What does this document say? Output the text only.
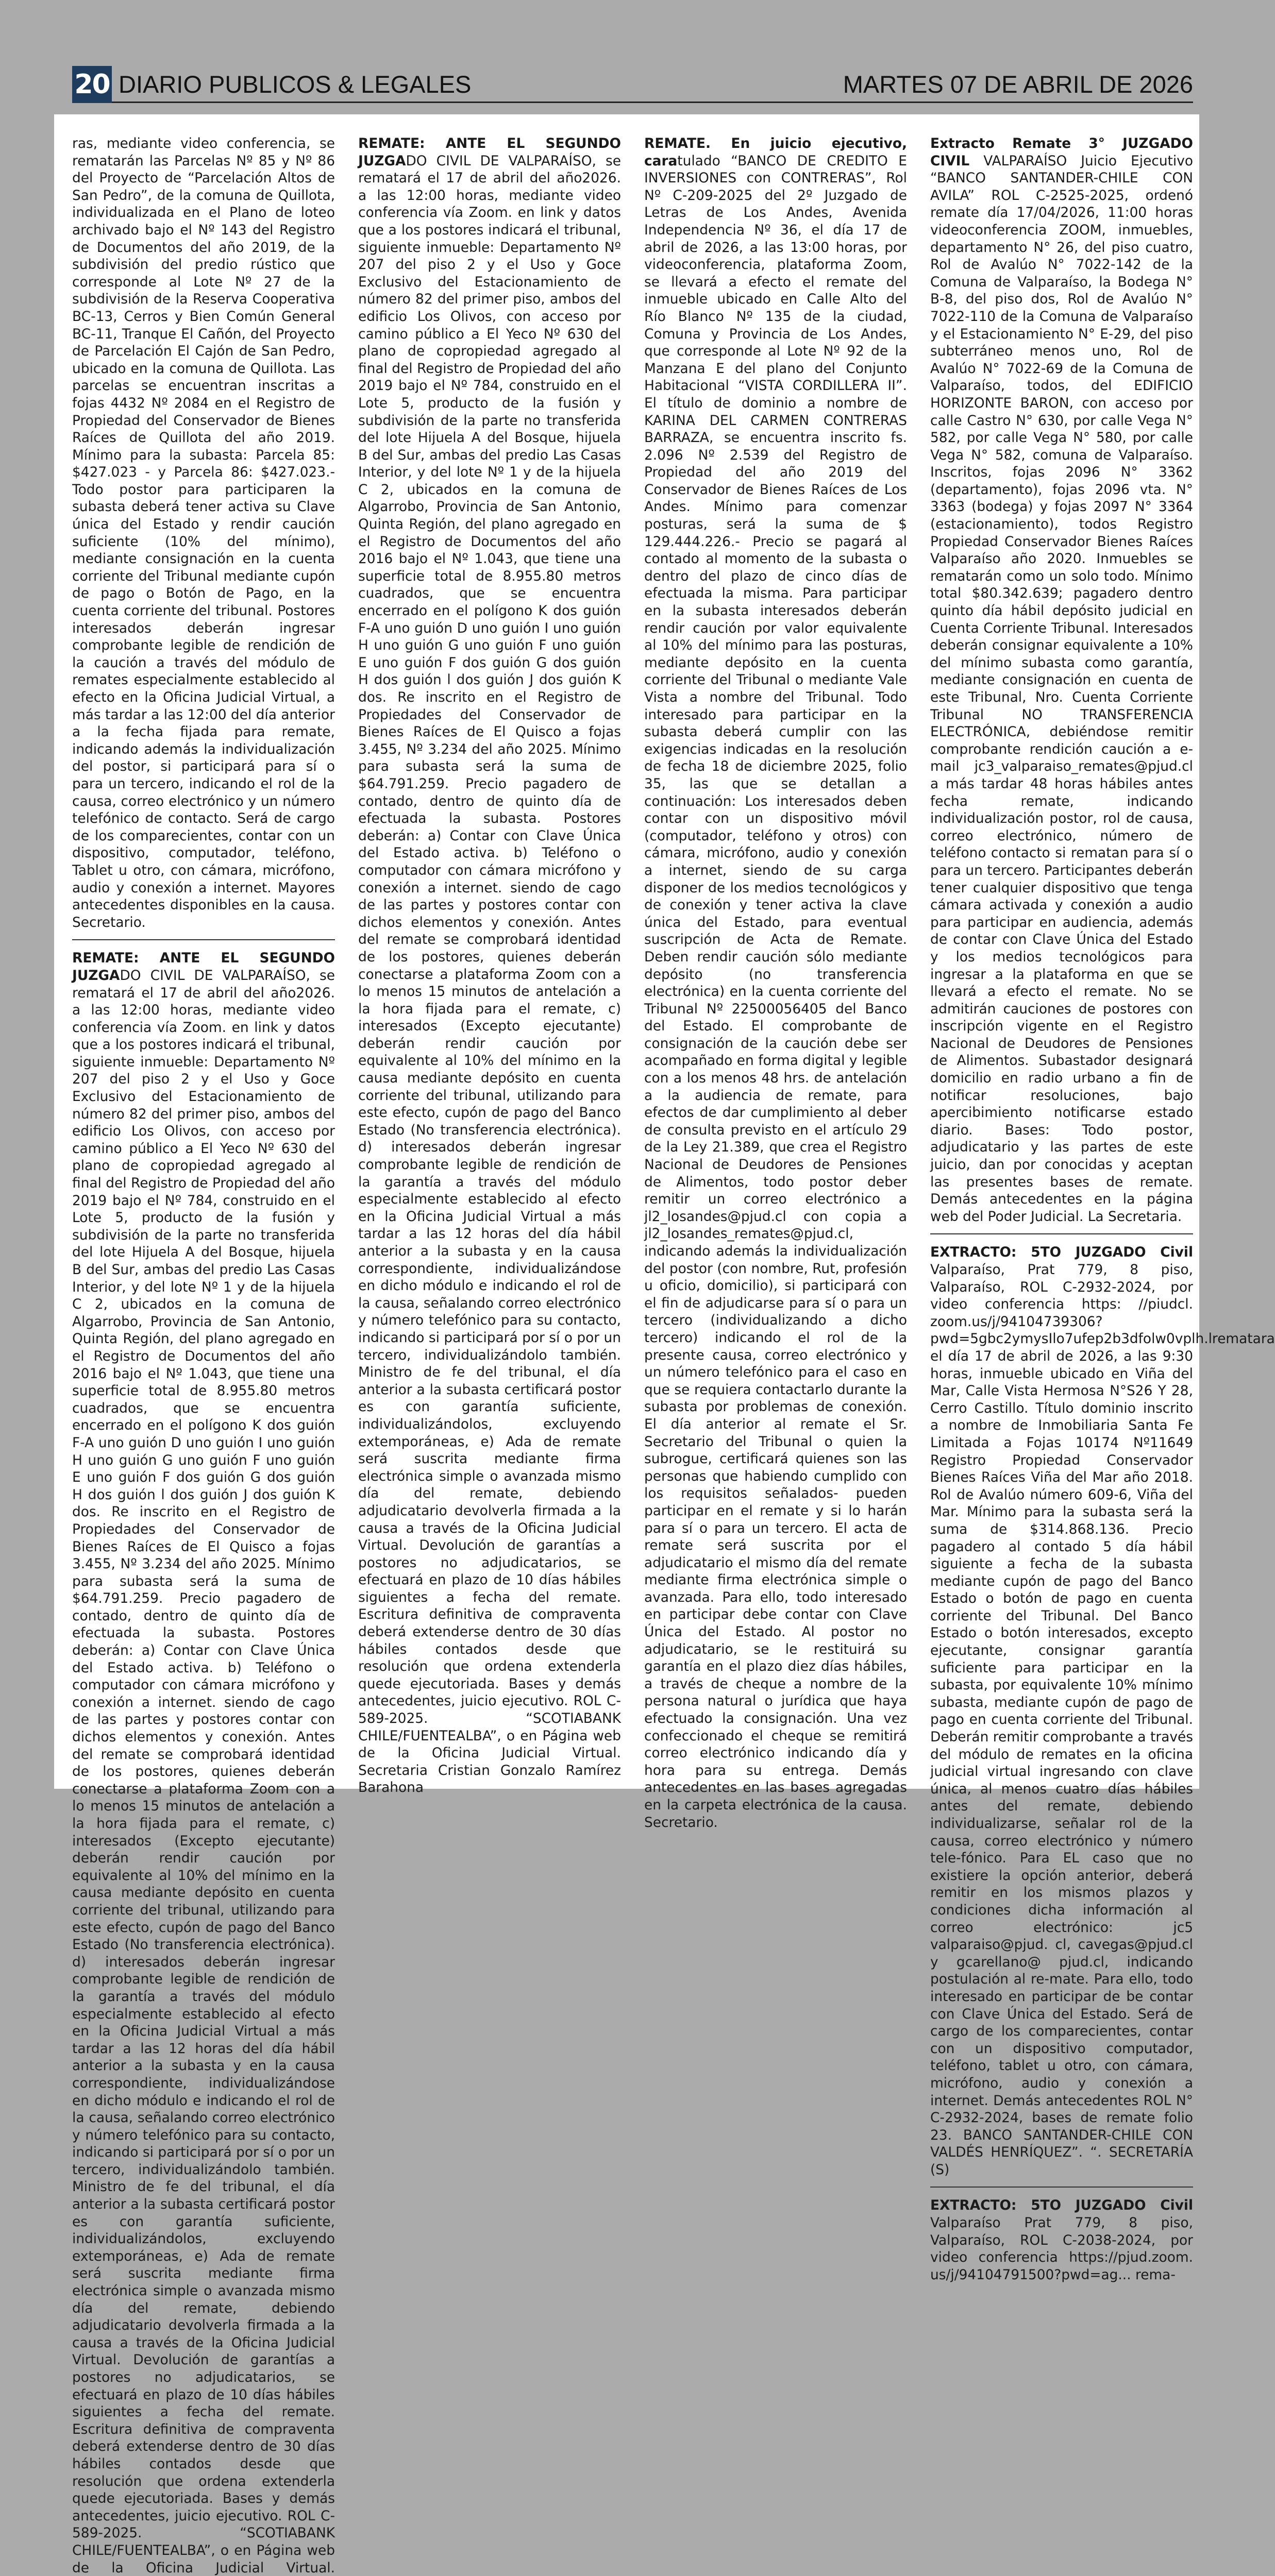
20 DIARIO PUBLICOS & LEGALES	MARTES 07 DE ABRIL DE 2026

ras, mediante video conferencia, se rematarán las Parcelas Nº 85 y Nº 86 del Proyecto de “Parcelación Altos de San Pedro”, de la comuna de Quillota, individualizada en el Plano de loteo archivado bajo el Nº 143 del Registro de Documentos del año 2019, de la subdivisión del predio rústico que corresponde al Lote Nº 27 de la subdivisión de la Reserva Cooperativa BC-13, Cerros y Bien Común General BC-11, Tranque El Cañón, del Proyecto de Parcelación El Cajón de San Pedro, ubicado en la comuna de Quillota. Las parcelas se encuentran inscritas a fojas 4432 Nº 2084 en el Registro de Propiedad del Conservador de Bienes Raíces de Quillota del año 2019. Mínimo para la subasta: Parcela 85: $427.023 - y Parcela 86: $427.023.-Todo postor para participaren la subasta deberá tener activa su Clave única del Estado y rendir caución suficiente (10% del mínimo), mediante consignación en la cuenta corriente del Tribunal mediante cupón de pago o Botón de Pago, en la cuenta corriente del tribunal. Postores interesados deberán ingresar comprobante legible de rendición de la caución a través del módulo de remates especialmente establecido al efecto en la Oficina Judicial Virtual, a más tardar a las 12:00 del día anterior a la fecha fijada para remate, indicando además la individualización del postor, si participará para sí o para un tercero, indicando el rol de la causa, correo electrónico y un número telefónico de contacto. Será de cargo de los comparecientes, contar con un dispositivo, computador, teléfono, Tablet u otro, con cámara, micrófono, audio y conexión a internet. Mayores antecedentes disponibles en la causa. Secretario.

REMATE: ANTE EL SEGUNDO JUZGADO CIVIL DE VALPARAÍSO, se rematará el 17 de abril del año2026. a las 12:00 horas, mediante video conferencia vía Zoom. en link y datos que a los postores indicará el tribunal, siguiente inmueble: Departamento Nº 207 del piso 2 y el Uso y Goce Exclusivo del Estacionamiento de número 82 del primer piso, ambos del edificio Los Olivos, con acceso por camino público a El Yeco Nº 630 del plano de copropiedad agregado al final del Registro de Propiedad del año 2019 bajo el Nº 784, construido en el Lote 5, producto de la fusión y subdivisión de la parte no transferida del lote Hijuela A del Bosque, hijuela B del Sur, ambas del predio Las Casas Interior, y del lote Nº 1 y de la hijuela C 2, ubicados en la comuna de Algarrobo, Provincia de San Antonio, Quinta Región, del plano agregado en el Registro de Documentos del año 2016 bajo el Nº 1.043, que tiene una superficie total de 8.955.80 metros cuadrados, que se encuentra encerrado en el polígono K dos guión F-A uno guión D uno guión I uno guión H uno guión G uno guión F uno guión E uno guión F dos guión G dos guión H dos guión l dos guión J dos guión K dos. Re inscrito en el Registro de Propiedades del Conservador de Bienes Raíces de El Quisco a fojas 3.455, Nº 3.234 del año 2025. Mínimo para subasta será la suma de $64.791.259. Precio pagadero de contado, dentro de quinto día de efectuada la subasta. Postores deberán: a) Contar con Clave Única del Estado activa. b) Teléfono o computador con cámara micrófono y conexión a internet. siendo de cago de las partes y postores contar con dichos elementos y conexión. Antes del remate se comprobará identidad de los postores, quienes deberán conectarse a plataforma Zoom con a lo menos 15 minutos de antelación a la hora fijada para el remate, c) interesados (Excepto ejecutante) deberán rendir caución por equivalente al 10% del mínimo en la causa mediante depósito en cuenta corriente del tribunal, utilizando para este efecto, cupón de pago del Banco Estado (No transferencia electrónica). d) interesados deberán ingresar comprobante legible de rendición de la garantía a través del módulo especialmente establecido al efecto en la Oficina Judicial Virtual a más tardar a las 12 horas del día hábil anterior a la subasta y en la causa correspondiente, individualizándose en dicho módulo e indicando el rol de la causa, señalando correo electrónico y número telefónico para su contacto, indicando si participará por sí o por un tercero, individualizándolo también. Ministro de fe del tribunal, el día anterior a la subasta certificará postor es con garantía suficiente, individualizándolos, excluyendo extemporáneas, e) Ada de remate será suscrita mediante firma electrónica simple o avanzada mismo día del remate, debiendo adjudicatario devolverla firmada a la causa a través de la Oficina Judicial Virtual. Devolución de garantías a postores no adjudicatarios, se efectuará en plazo de 10 días hábiles siguientes a fecha del remate. Escritura definitiva de compraventa deberá extenderse dentro de 30 días hábiles contados desde que resolución que ordena extenderla quede ejecutoriada. Bases y demás antecedentes, juicio ejecutivo. ROL C-589-2025. “SCOTIABANK CHILE/FUENTEALBA”, o en Página web de la Oficina Judicial Virtual.

REMATE: ANTE EL SEGUNDO JUZGADO CIVIL DE VALPARAÍSO, se rematará el 17 de abril del año2026. a las 12:00 horas, mediante video conferencia vía Zoom. en link y datos que a los postores indicará el tribunal, siguiente inmueble: Departamento Nº 207 del piso 2 y el Uso y Goce Exclusivo del Estacionamiento de número 82 del primer piso, ambos del edificio Los Olivos, con acceso por camino público a El Yeco Nº 630 del plano de copropiedad agregado al final del Registro de Propiedad del año 2019 bajo el Nº 784, construido en el Lote 5, producto de la fusión y subdivisión de la parte no transferida del lote Hijuela A del Bosque, hijuela B del Sur, ambas del predio Las Casas Interior, y del lote Nº 1 y de la hijuela C 2, ubicados en la comuna de Algarrobo, Provincia de San Antonio, Quinta Región, del plano agregado en el Registro de Documentos del año 2016 bajo el Nº 1.043, que tiene una superficie total de 8.955.80 metros cuadrados, que se encuentra encerrado en el polígono K dos guión F-A uno guión D uno guión I uno guión H uno guión G uno guión F uno guión E uno guión F dos guión G dos guión H dos guión l dos guión J dos guión K dos. Re inscrito en el Registro de Propiedades del Conservador de Bienes Raíces de El Quisco a fojas 3.455, Nº 3.234 del año 2025. Mínimo para subasta será la suma de $64.791.259. Precio pagadero de contado, dentro de quinto día de efectuada la subasta. Postores deberán: a) Contar con Clave Única del Estado activa. b) Teléfono o computador con cámara micrófono y conexión a internet. siendo de cago de las partes y postores contar con dichos elementos y conexión. Antes del remate se comprobará identidad de los postores, quienes deberán conectarse a plataforma Zoom con a lo menos 15 minutos de antelación a la hora fijada para el remate, c) interesados (Excepto ejecutante) deberán rendir caución por equivalente al 10% del mínimo en la causa mediante depósito en cuenta corriente del tribunal, utilizando para este efecto, cupón de pago del Banco Estado (No transferencia electrónica). d) interesados deberán ingresar comprobante legible de rendición de la garantía a través del módulo especialmente establecido al efecto en la Oficina Judicial Virtual a más tardar a las 12 horas del día hábil anterior a la subasta y en la causa correspondiente, individualizándose en dicho módulo e indicando el rol de la causa, señalando correo electrónico y número telefónico para su contacto, indicando si participará por sí o por un tercero, individualizándolo también. Ministro de fe del tribunal, el día anterior a la subasta certificará postor es con garantía suficiente, individualizándolos, excluyendo extemporáneas, e) Ada de remate será suscrita mediante firma electrónica simple o avanzada mismo día del remate, debiendo adjudicatario devolverla firmada a la causa a través de la Oficina Judicial Virtual. Devolución de garantías a postores no adjudicatarios, se efectuará en plazo de 10 días hábiles siguientes a fecha del remate. Escritura definitiva de compraventa deberá extenderse dentro de 30 días hábiles contados desde que resolución que ordena extenderla quede ejecutoriada. Bases y demás antecedentes, juicio ejecutivo. ROL C-589-2025. “SCOTIABANK CHILE/FUENTEALBA”, o en Página web de la Oficina Judicial Virtual. Secretaria Cristian Gonzalo Ramírez Barahona

REMATE. En juicio ejecutivo, caratulado “BANCO DE CREDITO E INVERSIONES con CONTRERAS”, Rol Nº C-209-2025 del 2º Juzgado de Letras de Los Andes, Avenida Independencia Nº 36, el día 17 de abril de 2026, a las 13:00 horas, por videoconferencia, plataforma Zoom, se llevará a efecto el remate del inmueble ubicado en Calle Alto del Río Blanco Nº 135 de la ciudad, Comuna y Provincia de Los Andes, que corresponde al Lote Nº 92 de la Manzana E del plano del Conjunto Habitacional “VISTA CORDILLERA II”. El título de dominio a nombre de KARINA DEL CARMEN CONTRERAS BARRAZA, se encuentra inscrito fs. 2.096 Nº 2.539 del Registro de Propiedad del año 2019 del Conservador de Bienes Raíces de Los Andes. Mínimo para comenzar posturas, será la suma de $ 129.444.226.- Precio se pagará al contado al momento de la subasta o dentro del plazo de cinco días de efectuada la misma. Para participar en la subasta interesados deberán rendir caución por valor equivalente al 10% del mínimo para las posturas, mediante depósito en la cuenta corriente del Tribunal o mediante Vale Vista a nombre del Tribunal. Todo interesado para participar en la subasta deberá cumplir con las exigencias indicadas en la resolución de fecha 18 de diciembre 2025, folio 35, las que se detallan a continuación: Los interesados deben contar con un dispositivo móvil (computador, teléfono y otros) con cámara, micrófono, audio y conexión a internet, siendo de su carga disponer de los medios tecnológicos y de conexión y tener activa la clave única del Estado, para eventual suscripción de Acta de Remate. Deben rendir caución sólo mediante depósito (no transferencia electrónica) en la cuenta corriente del Tribunal Nº 22500056405 del Banco del Estado. El comprobante de consignación de la caución debe ser acompañado en forma digital y legible con a los menos 48 hrs. de antelación a la audiencia de remate, para efectos de dar cumplimiento al deber de consulta previsto en el artículo 29 de la Ley 21.389, que crea el Registro Nacional de Deudores de Pensiones de Alimentos, todo postor deber remitir un correo electrónico a jl2_losandes@pjud.cl con copia a jl2_losandes_remates@pjud.cl, indicando además la individualización del postor (con nombre, Rut, profesión u oficio, domicilio), si participará con el fin de adjudicarse para sí o para un tercero (individualizando a dicho tercero) indicando el rol de la presente causa, correo electrónico y un número telefónico para el caso en que se requiera contactarlo durante la subasta por problemas de conexión. El día anterior al remate el Sr. Secretario del Tribunal o quien la subrogue, certificará quienes son las personas que habiendo cumplido con los requisitos señalados- pueden participar en el remate y si lo harán para sí o para un tercero. El acta de remate será suscrita por el adjudicatario el mismo día del remate mediante firma electrónica simple o avanzada. Para ello, todo interesado en participar debe contar con Clave Única del Estado. Al postor no adjudicatario, se le restituirá su garantía en el plazo diez días hábiles, a través de cheque a nombre de la persona natural o jurídica que haya efectuado la consignación. Una vez confeccionado el cheque se remitirá correo electrónico indicando día y hora para su entrega. Demás antecedentes en las bases agregadas en la carpeta electrónica de la causa. Secretario.

Extracto Remate 3° JUZGADO CIVIL VALPARAÍSO Juicio Ejecutivo “BANCO SANTANDER-CHILE CON AVILA” ROL C-2525-2025, ordenó remate día 17/04/2026, 11:00 horas videoconferencia ZOOM, inmuebles, departamento N° 26, del piso cuatro, Rol de Avalúo N° 7022-142 de la Comuna de Valparaíso, la Bodega N° B-8, del piso dos, Rol de Avalúo N° 7022-110 de la Comuna de Valparaíso y el Estacionamiento N° E-29, del piso subterráneo menos uno, Rol de Avalúo N° 7022-69 de la Comuna de Valparaíso, todos, del EDIFICIO HORIZONTE BARON, con acceso por calle Castro N° 630, por calle Vega N° 582, por calle Vega N° 580, por calle Vega N° 582, comuna de Valparaíso. Inscritos, fojas 2096 N° 3362 (departamento), fojas 2096 vta. N° 3363 (bodega) y fojas 2097 N° 3364 (estacionamiento), todos Registro Propiedad Conservador Bienes Raíces Valparaíso año 2020. Inmuebles se rematarán como un solo todo. Mínimo total $80.342.639; pagadero dentro quinto día hábil depósito judicial en Cuenta Corriente Tribunal. Interesados deberán consignar equivalente a 10% del mínimo subasta como garantía, mediante consignación en cuenta de este Tribunal, Nro. Cuenta Corriente Tribunal NO TRANSFERENCIA ELECTRÓNICA, debiéndose remitir comprobante rendición caución a e-mail jc3_valparaiso_remates@pjud.cl a más tardar 48 horas hábiles antes fecha remate, indicando individualización postor, rol de causa, correo electrónico, número de teléfono contacto si rematan para sí o para un tercero. Participantes deberán tener cualquier dispositivo que tenga cámara activada y conexión a audio para participar en audiencia, además de contar con Clave Única del Estado y los medios tecnológicos para ingresar a la plataforma en que se llevará a efecto el remate. No se admitirán cauciones de postores con inscripción vigente en el Registro Nacional de Deudores de Pensiones de Alimentos. Subastador designará domicilio en radio urbano a fin de notificar resoluciones, bajo apercibimiento notificarse estado diario. Bases: Todo postor, adjudicatario y las partes de este juicio, dan por conocidas y aceptan las presentes bases de remate. Demás antecedentes en la página web del Poder Judicial. La Secretaria.

EXTRACTO: 5TO JUZGADO Civil Valparaíso, Prat 779, 8 piso, Valparaíso, ROL C-2932-2024, por video conferencia https: //piudcl. zoom.us/j/94104739306?pwd=5gbc2ymysIlo7ufep2b3dfolw0vplh.lrematara el día 17 de abril de 2026, a las 9:30 horas, inmueble ubicado en Viña del Mar, Calle Vista Hermosa N°S26 Y 28, Cerro Castillo. Título dominio inscrito a nombre de Inmobiliaria Santa Fe Limitada a Fojas 10174 Nº11649 Registro Propiedad Conservador Bienes Raíces Viña del Mar año 2018. Rol de Avalúo número 609-6, Viña del Mar. Mínimo para la subasta será la suma de $314.868.136. Precio pagadero al contado 5 día hábil siguiente a fecha de la subasta mediante cupón de pago del Banco Estado o botón de pago en cuenta corriente del Tribunal. Del Banco Estado o botón interesados, excepto ejecutante, consignar garantía suficiente para participar en la subasta, por equivalente 10% mínimo subasta, mediante cupón de pago de pago en cuenta corriente del Tribunal. Deberán remitir comprobante a través del módulo de remates en la oficina judicial virtual ingresando con clave única, al menos cuatro días hábiles antes del remate, debiendo individualizarse, señalar rol de la causa, correo electrónico y número tele-fónico. Para EL caso que no existiere la opción anterior, deberá remitir en los mismos plazos y condiciones dicha información al correo electrónico: jc5 valparaiso@pjud. cl, cavegas@pjud.cl y gcarellano@ pjud.cl, indicando postulación al re-mate. Para ello, todo interesado en participar de be contar con Clave Única del Estado. Será de cargo de los comparecientes, contar con un dispositivo computador, teléfono, tablet u otro, con cámara, micrófono, audio y conexión a internet. Demás antecedentes ROL N° C-2932-2024, bases de remate folio 23. BANCO SANTANDER-CHILE CON VALDÉS HENRÍQUEZ”. “. SECRETARÍA (S)

EXTRACTO: 5TO JUZGADO Civil Valparaíso Prat 779, 8 piso, Valparaíso, ROL C-2038-2024, por video conferencia https://pjud.zoom. us/j/94104791500?pwd=ag... rema-
